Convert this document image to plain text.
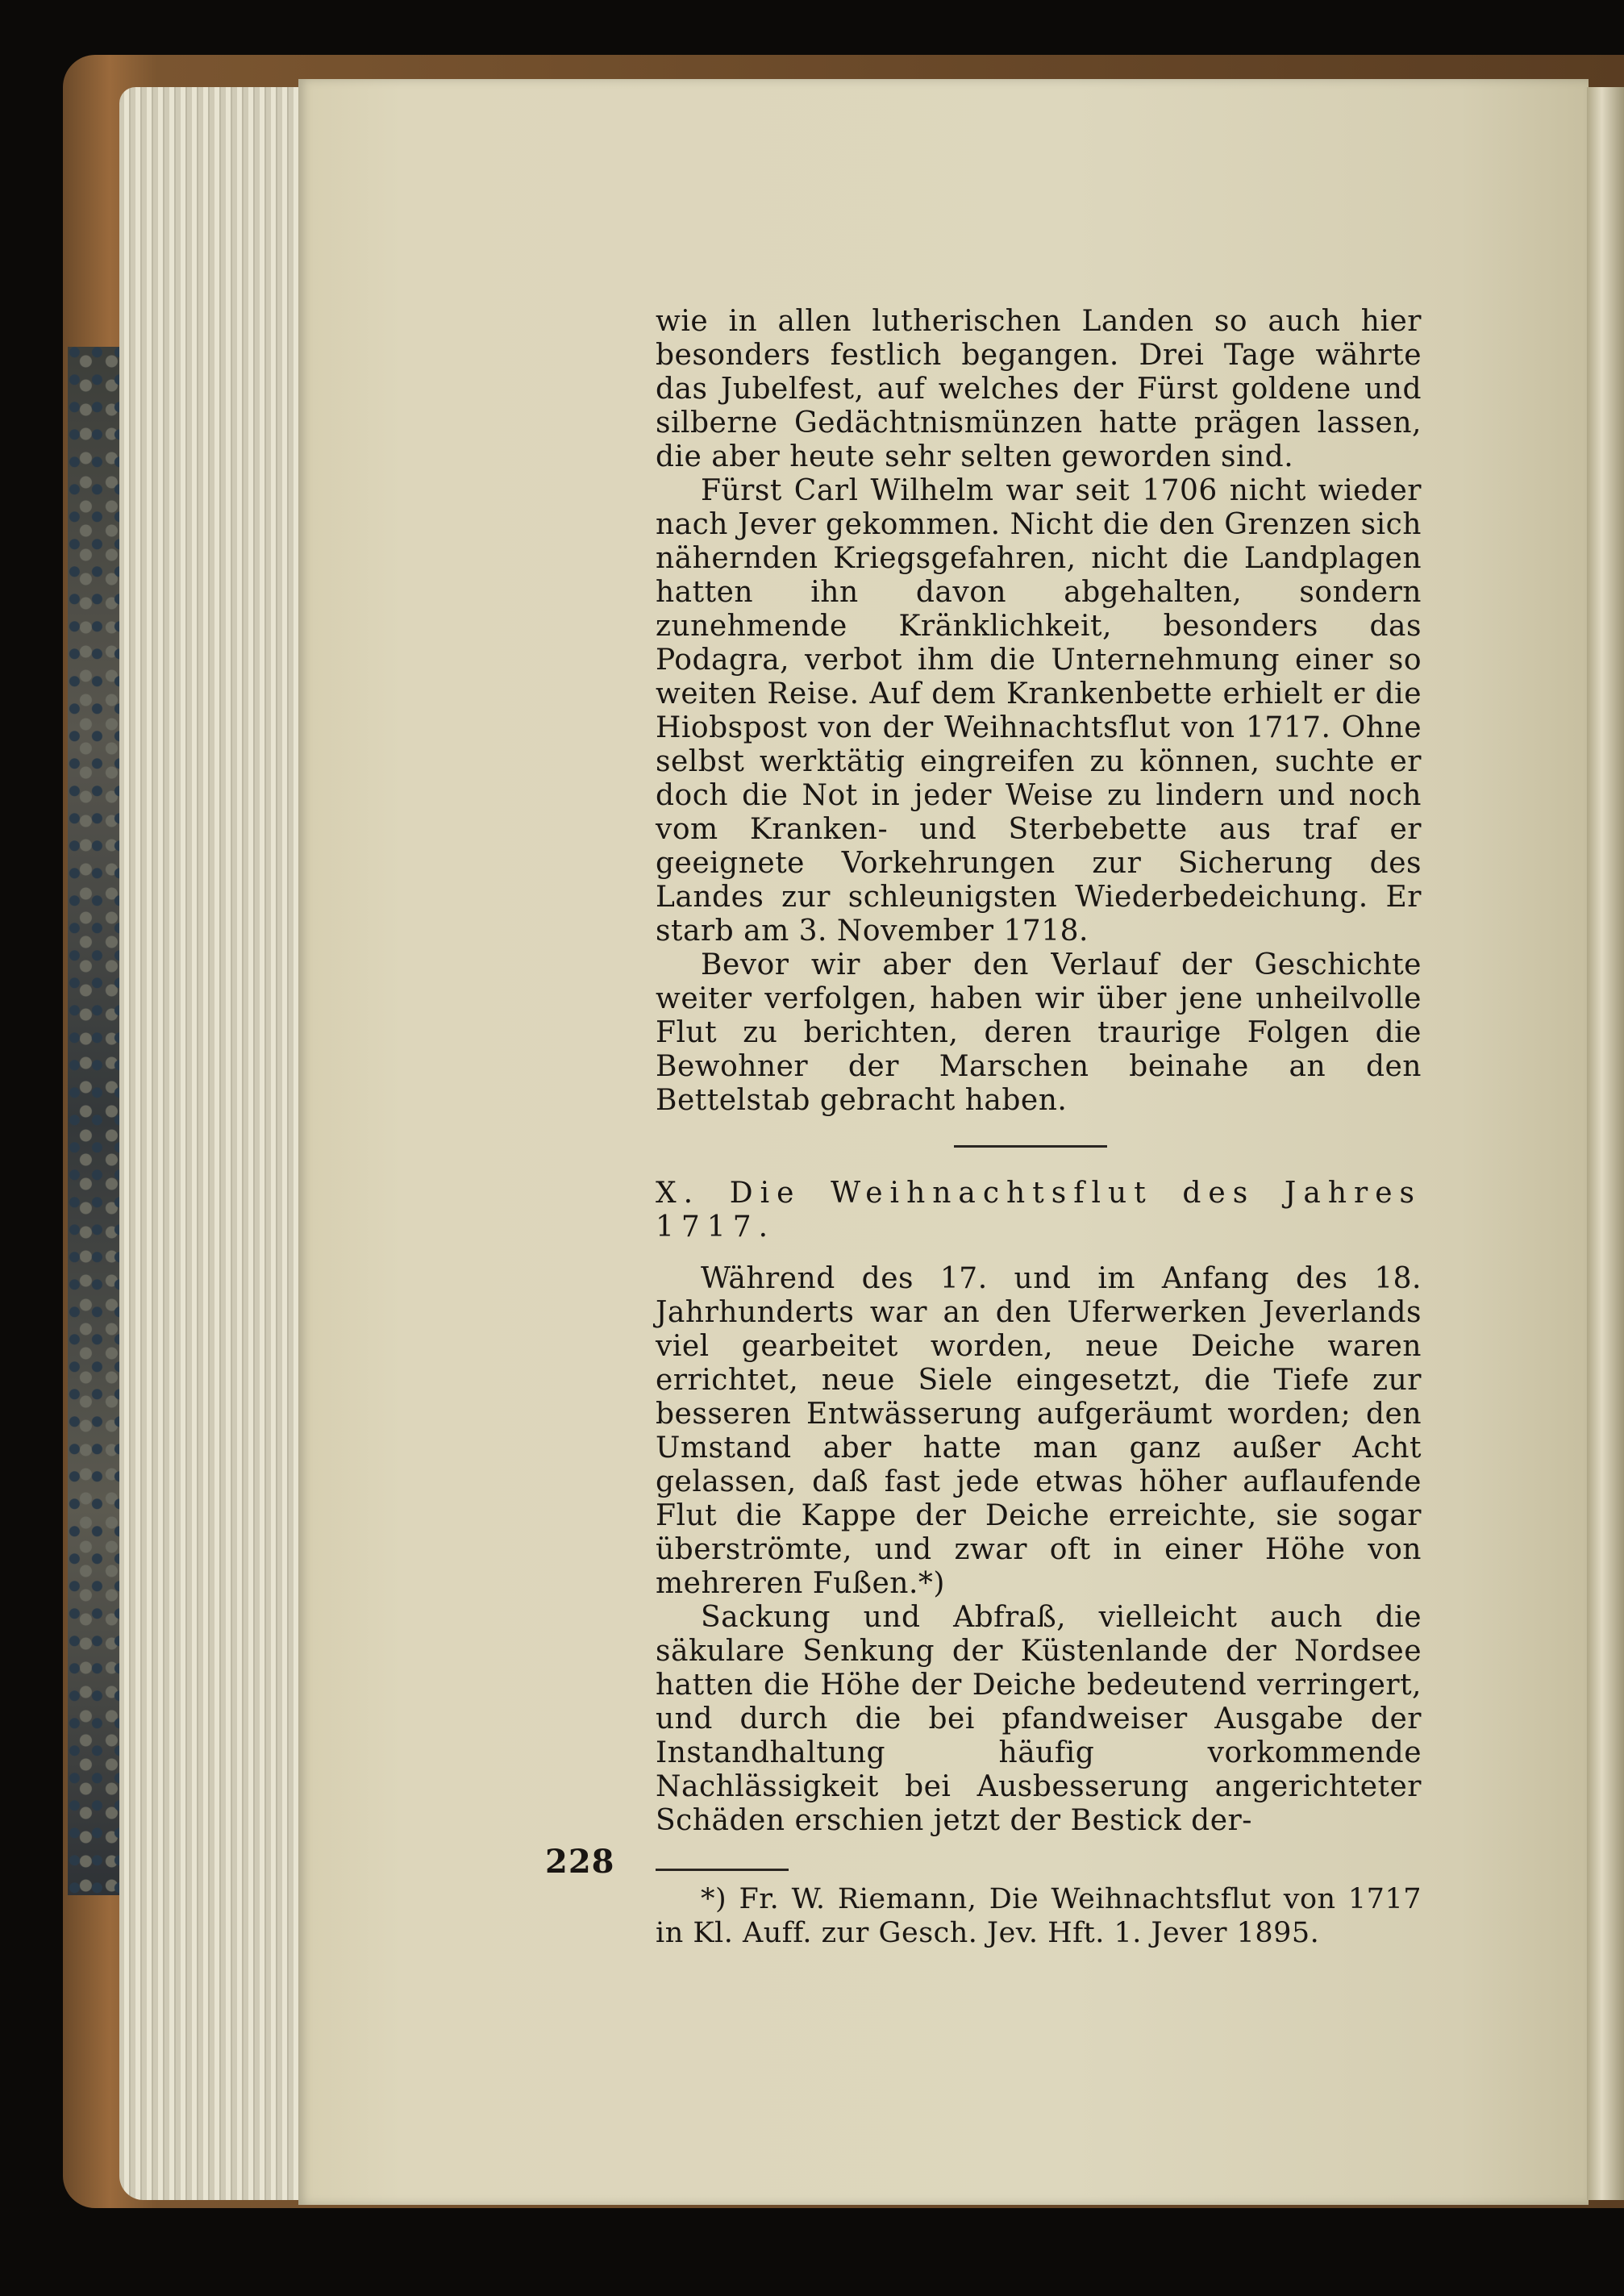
wie in allen lutherischen Landen so auch hier besonders festlich begangen. Drei Tage währte das Jubelfest, auf welches der Fürst goldene und silberne Gedächtnismünzen hatte prägen lassen, die aber heute sehr selten geworden sind.

Fürst Carl Wilhelm war seit 1706 nicht wieder nach Jever gekommen. Nicht die den Grenzen sich nähernden Kriegsgefahren, nicht die Landplagen hatten ihn davon abgehalten, sondern zunehmende Kränklichkeit, besonders das Podagra, verbot ihm die Unternehmung einer so weiten Reise. Auf dem Krankenbette erhielt er die Hiobspost von der Weihnachtsflut von 1717. Ohne selbst werktätig eingreifen zu können, suchte er doch die Not in jeder Weise zu lindern und noch vom Kranken- und Sterbebette aus traf er geeignete Vorkehrungen zur Sicherung des Landes zur schleunigsten Wiederbedeichung. Er starb am 3. November 1718.

Bevor wir aber den Verlauf der Geschichte weiter verfolgen, haben wir über jene unheilvolle Flut zu berichten, deren traurige Folgen die Bewohner der Marschen beinahe an den Bettelstab gebracht haben.

X. Die Weihnachtsflut des Jahres 1717.

Während des 17. und im Anfang des 18. Jahrhunderts war an den Uferwerken Jeverlands viel gearbeitet worden, neue Deiche waren errichtet, neue Siele eingesetzt, die Tiefe zur besseren Entwässerung aufgeräumt worden; den Umstand aber hatte man ganz außer Acht gelassen, daß fast jede etwas höher auflaufende Flut die Kappe der Deiche erreichte, sie sogar überströmte, und zwar oft in einer Höhe von mehreren Fußen.*)

Sackung und Abfraß, vielleicht auch die säkulare Senkung der Küstenlande der Nordsee hatten die Höhe der Deiche bedeutend verringert, und durch die bei pfandweiser Ausgabe der Instandhaltung häufig vorkommende Nachlässigkeit bei Ausbesserung angerichteter Schäden erschien jetzt der Bestick der-

*) Fr. W. Riemann, Die Weihnachtsflut von 1717 in Kl. Auff. zur Gesch. Jev. Hft. 1. Jever 1895.

228
